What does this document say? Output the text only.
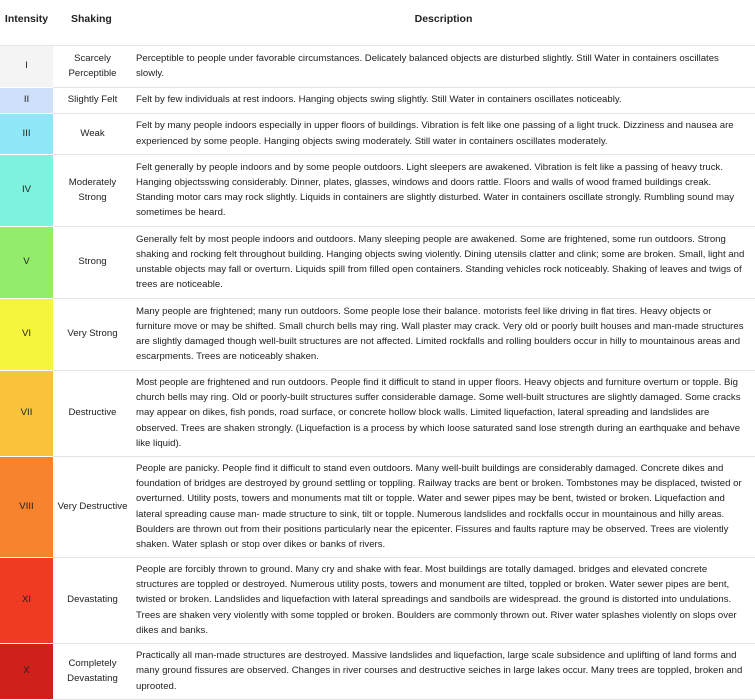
Intensity	Shaking	Description
I	Scarcely Perceptible	Perceptible to people under favorable circumstances. Delicately balanced objects are disturbed slightly. Still Water in containers oscillates slowly.
II	Slightly Felt	Felt by few individuals at rest indoors. Hanging objects swing slightly. Still Water in containers oscillates noticeably.
III	Weak	Felt by many people indoors especially in upper floors of buildings. Vibration is felt like one passing of a light truck. Dizziness and nausea are experienced by some people. Hanging objects swing moderately. Still water in containers oscillates moderately.
IV	Moderately Strong	Felt generally by people indoors and by some people outdoors. Light sleepers are awakened. Vibration is felt like a passing of heavy truck. Hanging objectsswing considerably. Dinner, plates, glasses, windows and doors rattle. Floors and walls of wood framed buildings creak. Standing motor cars may rock slightly. Liquids in containers are slightly disturbed. Water in containers oscillate strongly. Rumbling sound may sometimes be heard.
V	Strong	Generally felt by most people indoors and outdoors. Many sleeping people are awakened. Some are frightened, some run outdoors. Strong shaking and rocking felt throughout building. Hanging objects swing violently. Dining utensils clatter and clink; some are broken. Small, light and unstable objects may fall or overturn. Liquids spill from filled open containers. Standing vehicles rock noticeably. Shaking of leaves and twigs of trees are noticeable.
VI	Very Strong	Many people are frightened; many run outdoors. Some people lose their balance. motorists feel like driving in flat tires. Heavy objects or furniture move or may be shifted. Small church bells may ring. Wall plaster may crack. Very old or poorly built houses and man-made structures are slightly damaged though well-built structures are not affected. Limited rockfalls and rolling boulders occur in hilly to mountainous areas and escarpments. Trees are noticeably shaken.
VII	Destructive	Most people are frightened and run outdoors. People find it difficult to stand in upper floors. Heavy objects and furniture overturn or topple. Big church bells may ring. Old or poorly-built structures suffer considerable damage. Some well-built structures are slightly damaged. Some cracks may appear on dikes, fish ponds, road surface, or concrete hollow block walls. Limited liquefaction, lateral spreading and landslides are observed. Trees are shaken strongly. (Liquefaction is a process by which loose saturated sand lose strength during an earthquake and behave like liquid).
VIII	Very Destructive	People are panicky. People find it difficult to stand even outdoors. Many well-built buildings are considerably damaged. Concrete dikes and foundation of bridges are destroyed by ground settling or toppling. Railway tracks are bent or broken. Tombstones may be displaced, twisted or overturned. Utility posts, towers and monuments mat tilt or topple. Water and sewer pipes may be bent, twisted or broken. Liquefaction and lateral spreading cause man- made structure to sink, tilt or topple. Numerous landslides and rockfalls occur in mountainous and hilly areas. Boulders are thrown out from their positions particularly near the epicenter. Fissures and faults rapture may be observed. Trees are violently shaken. Water splash or stop over dikes or banks of rivers.
XI	Devastating	People are forcibly thrown to ground. Many cry and shake with fear. Most buildings are totally damaged. bridges and elevated concrete structures are toppled or destroyed. Numerous utility posts, towers and monument are tilted, toppled or broken. Water sewer pipes are bent, twisted or broken. Landslides and liquefaction with lateral spreadings and sandboils are widespread. the ground is distorted into undulations. Trees are shaken very violently with some toppled or broken. Boulders are commonly thrown out. River water splashes violently on slops over dikes and banks.
X	Completely Devastating	Practically all man-made structures are destroyed. Massive landslides and liquefaction, large scale subsidence and uplifting of land forms and many ground fissures are observed. Changes in river courses and destructive seiches in large lakes occur. Many trees are toppled, broken and uprooted.
